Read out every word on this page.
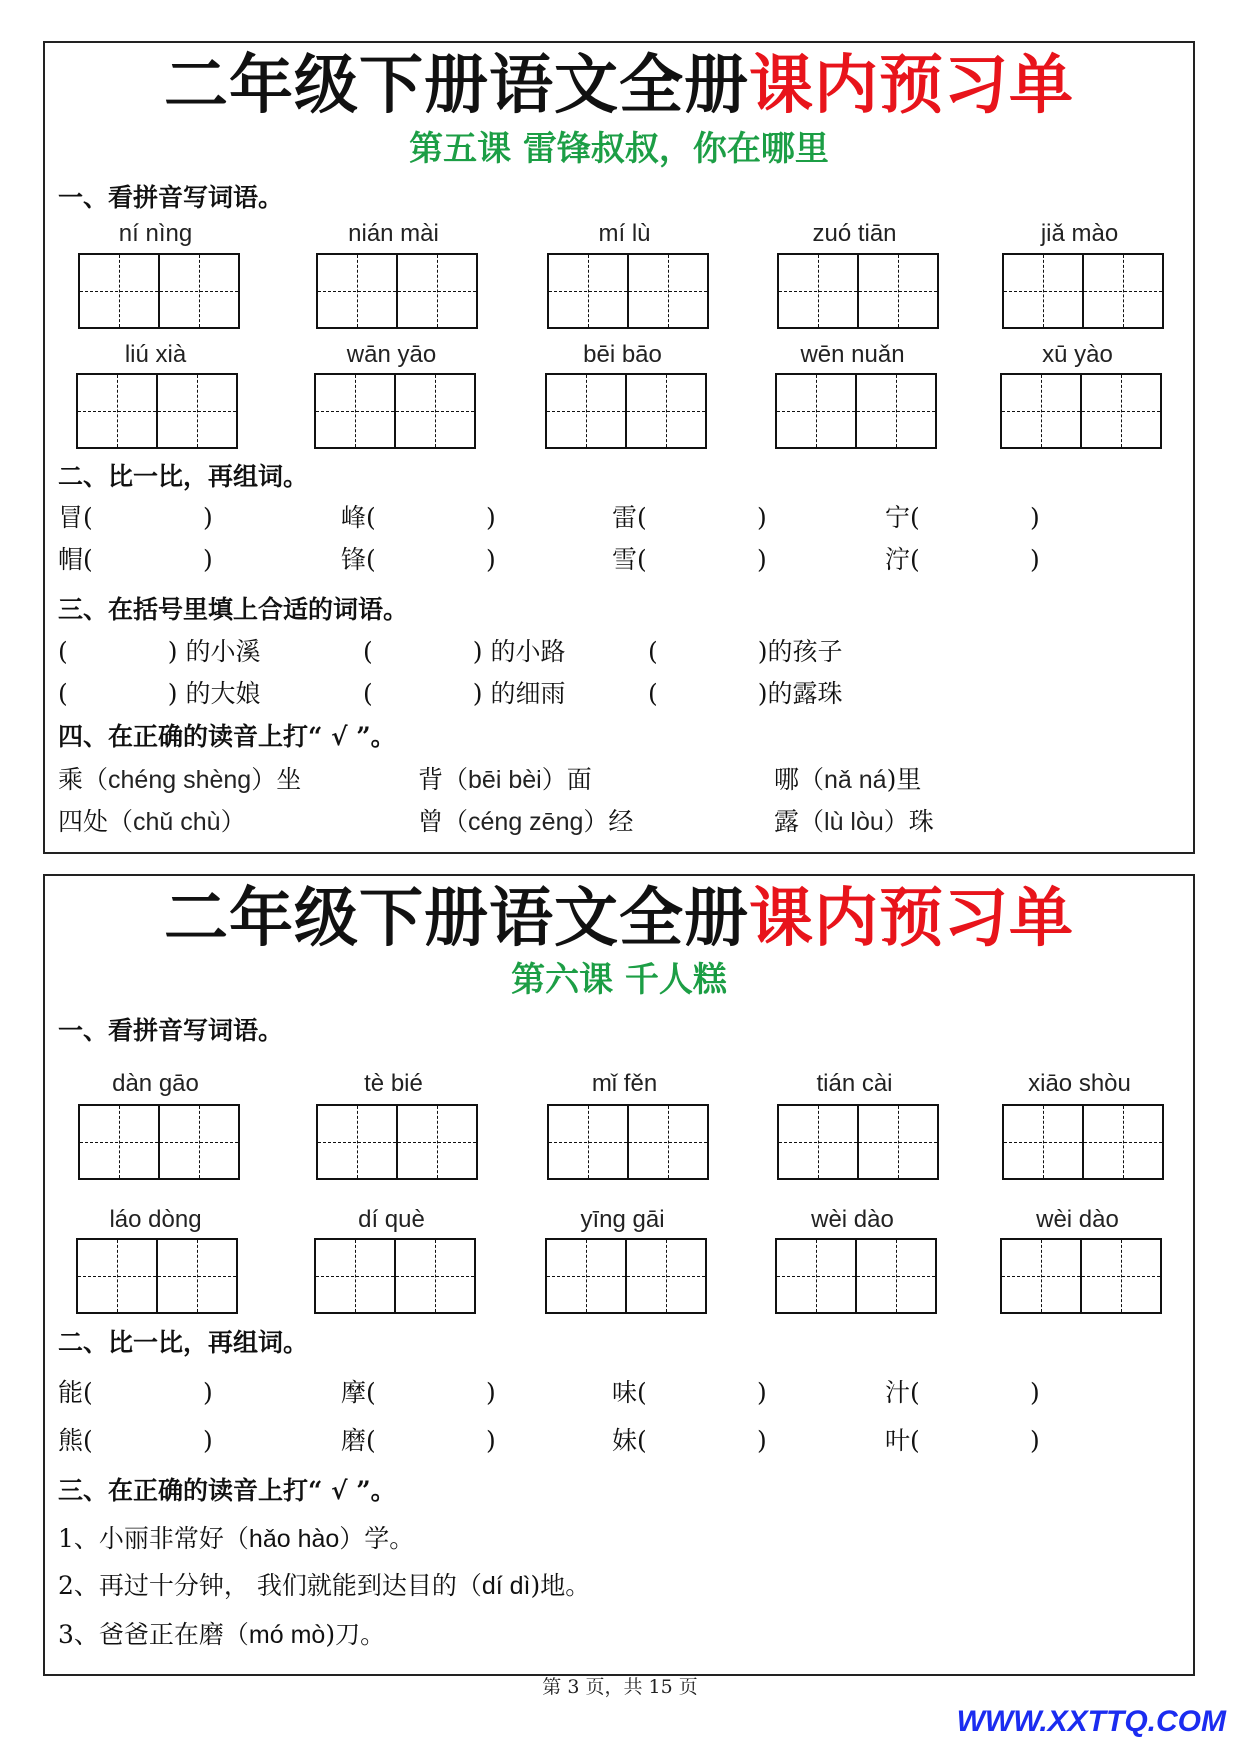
二年级下册语文全册课内预习单
第五课 雷锋叔叔，你在哪里
一、看拼音写词语。
ní nìng	nián mài	mí lù	zuó tiān	jiǎ mào
liú xià	wān yāo	bēi bāo	wēn nuǎn	xū yào
二、比一比，再组词。
冒(	)	峰(	)	雷(	)	宁(	)
帽(	)	锋(	)	雪(	)	泞(	)
三、在括号里填上合适的词语。
(	) 的小溪	(	) 的小路	(	)的孩子
(	) 的大娘	(	) 的细雨	(	)的露珠
四、在正确的读音上打“ √ ”。
乘（chéng shèng）坐	背（bēi bèi）面	哪（nǎ ná)里
四处（chǔ chù）	曾（céng zēng）经	露（lù lòu）珠
二年级下册语文全册课内预习单
第六课 千人糕
一、看拼音写词语。
dàn gāo	tè bié	mǐ fěn	tián cài	xiāo shòu
láo dòng	dí què	yīng gāi	wèi dào	wèi dào
二、比一比，再组词。
能(	)	摩(	)	味(	)	汁(	)
熊(	)	磨(	)	妹(	)	叶(	)
三、在正确的读音上打“ √ ”。
1、小丽非常好（hǎo hào）学。
2、再过十分钟， 我们就能到达目的（dí dì)地。
3、爸爸正在磨（mó mò)刀。
第 3 页，共 15 页
WWW.XXTTQ.COM
